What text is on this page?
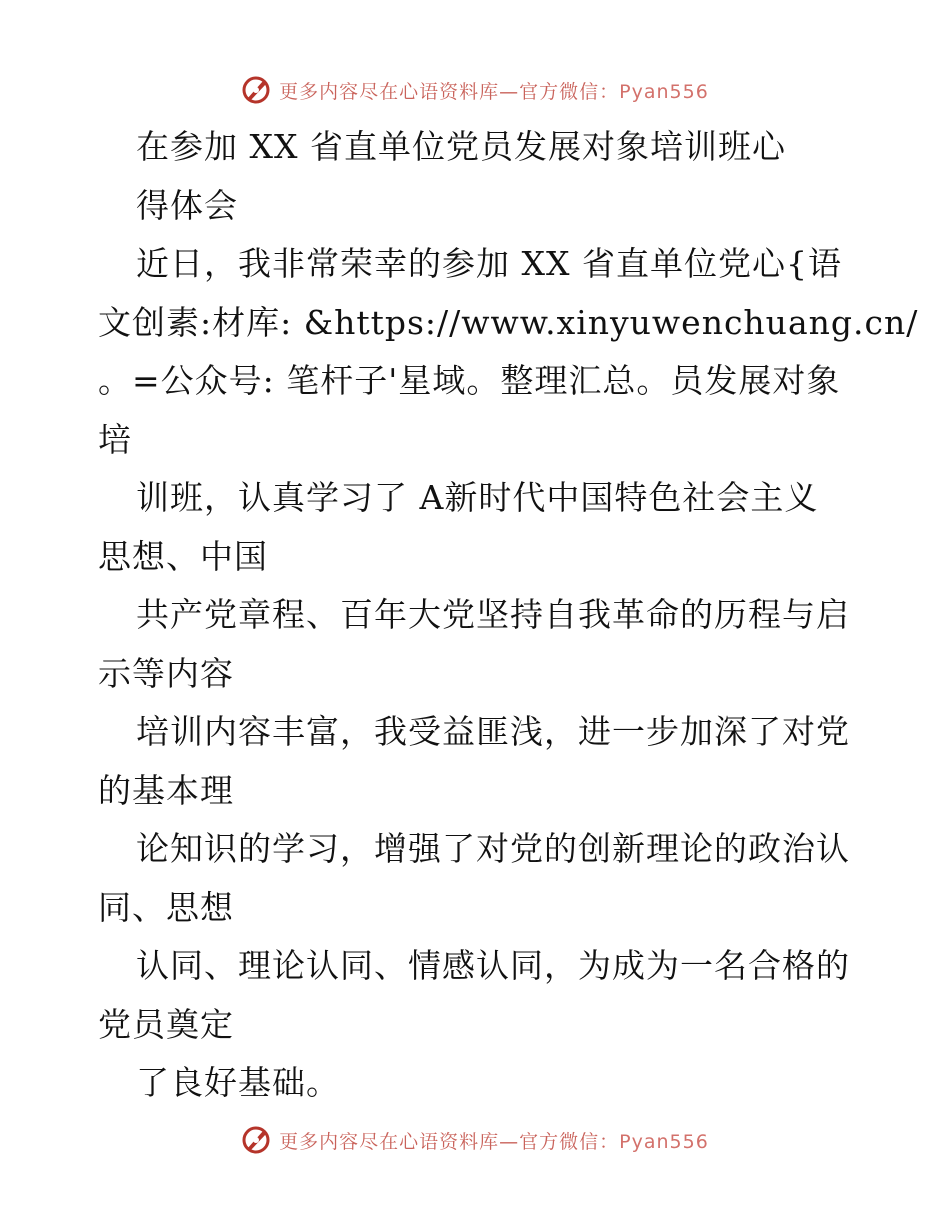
更多内容尽在心语资料库—官方微信：Pyan556
在参加 XX 省直单位党员发展对象培训班心
得体会
近日，我非常荣幸的参加 XX 省直单位党心{语
文创素:材库: &https://www.xinyuwenchuang.cn/
。=公众号: 笔杆子'星域。整理汇总。员发展对象
培
训班，认真学习了 A新时代中国特色社会主义
思想、中国
共产党章程、百年大党坚持自我革命的历程与启
示等内容
培训内容丰富，我受益匪浅，进一步加深了对党
的基本理
论知识的学习，增强了对党的创新理论的政治认
同、思想
认同、理论认同、情感认同，为成为一名合格的
党员奠定
了良好基础。
更多内容尽在心语资料库—官方微信：Pyan556
